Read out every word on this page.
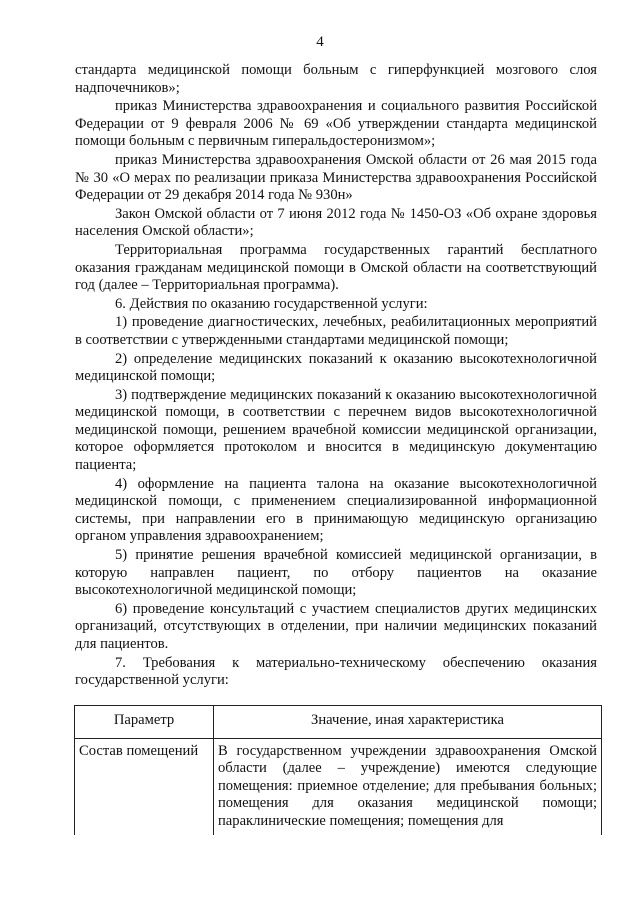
4

стандарта медицинской помощи больным с гиперфункцией мозгового слоя надпочечников»;

приказ Министерства здравоохранения и социального развития Российской Федерации от 9 февраля 2006 № 69 «Об утверждении стандарта медицинской помощи больным с первичным гиперальдостеронизмом»;

приказ Министерства здравоохранения Омской области от 26 мая 2015 года № 30 «О мерах по реализации приказа Министерства здравоохранения Российской Федерации от 29 декабря 2014 года № 930н»

Закон Омской области от 7 июня 2012 года № 1450-ОЗ «Об охране здоровья населения Омской области»;

Территориальная программа государственных гарантий бесплатного оказания гражданам медицинской помощи в Омской области на соответствующий год (далее – Территориальная программа).

6. Действия по оказанию государственной услуги:

1) проведение диагностических, лечебных, реабилитационных мероприятий в соответствии с утвержденными стандартами медицинской помощи;

2) определение медицинских показаний к оказанию высокотехнологичной медицинской помощи;

3) подтверждение медицинских показаний к оказанию высокотехнологичной медицинской помощи, в соответствии с перечнем видов высокотехнологичной медицинской помощи, решением врачебной комиссии медицинской организации, которое оформляется протоколом и вносится в медицинскую документацию пациента;

4) оформление на пациента талона на оказание высокотехнологичной медицинской помощи, с применением специализированной информационной системы, при направлении его в принимающую медицинскую организацию органом управления здравоохранением;

5) принятие решения врачебной комиссией медицинской организации, в которую направлен пациент, по отбору пациентов на оказание высокотехнологичной медицинской помощи;

6) проведение консультаций с участием специалистов других медицинских организаций, отсутствующих в отделении, при наличии медицинских показаний для пациентов.

7. Требования к материально-техническому обеспечению оказания государственной услуги:

Параметр	Значение, иная характеристика
Состав помещений	В государственном учреждении здравоохранения Омской области (далее – учреждение) имеются следующие помещения: приемное отделение; для пребывания больных; помещения для оказания медицинской помощи; параклинические помещения; помещения для
